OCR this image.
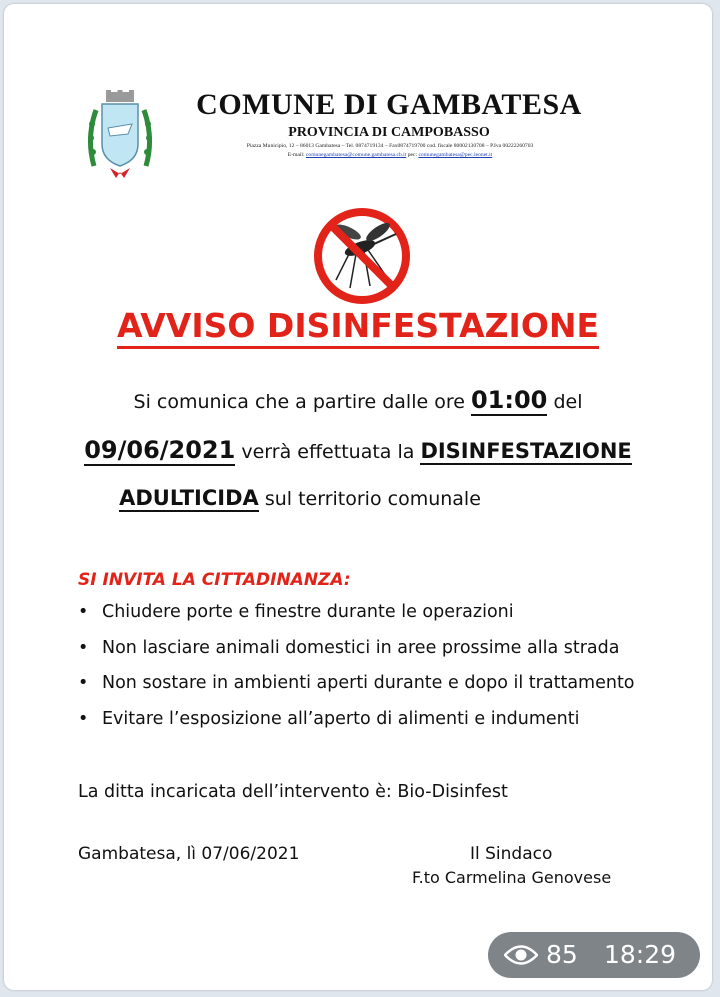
COMUNE DI GAMBATESA
PROVINCIA DI CAMPOBASSO
Piazza Municipio, 12 – 86013 Gambatesa – Tel. 0874719134 – Fax0874719700 cod. fiscale 80002130708 – P.Iva 00222260703
E-mail: comunegambatesa@comune.gambatesa.cb.it pec: comunegambatesa@pec.leonet.it
AVVISO DISINFESTAZIONE
Si comunica che a partire dalle ore 01:00 del
09/06/2021 verrà effettuata la DISINFESTAZIONE
ADULTICIDA sul territorio comunale
SI INVITA LA CITTADINANZA:
• Chiudere porte e finestre durante le operazioni
• Non lasciare animali domestici in aree prossime alla strada
• Non sostare in ambienti aperti durante e dopo il trattamento
• Evitare l’esposizione all’aperto di alimenti e indumenti
La ditta incaricata dell’intervento è: Bio-Disinfest
Gambatesa, lì 07/06/2021	Il Sindaco
F.to Carmelina Genovese
85 18:29
